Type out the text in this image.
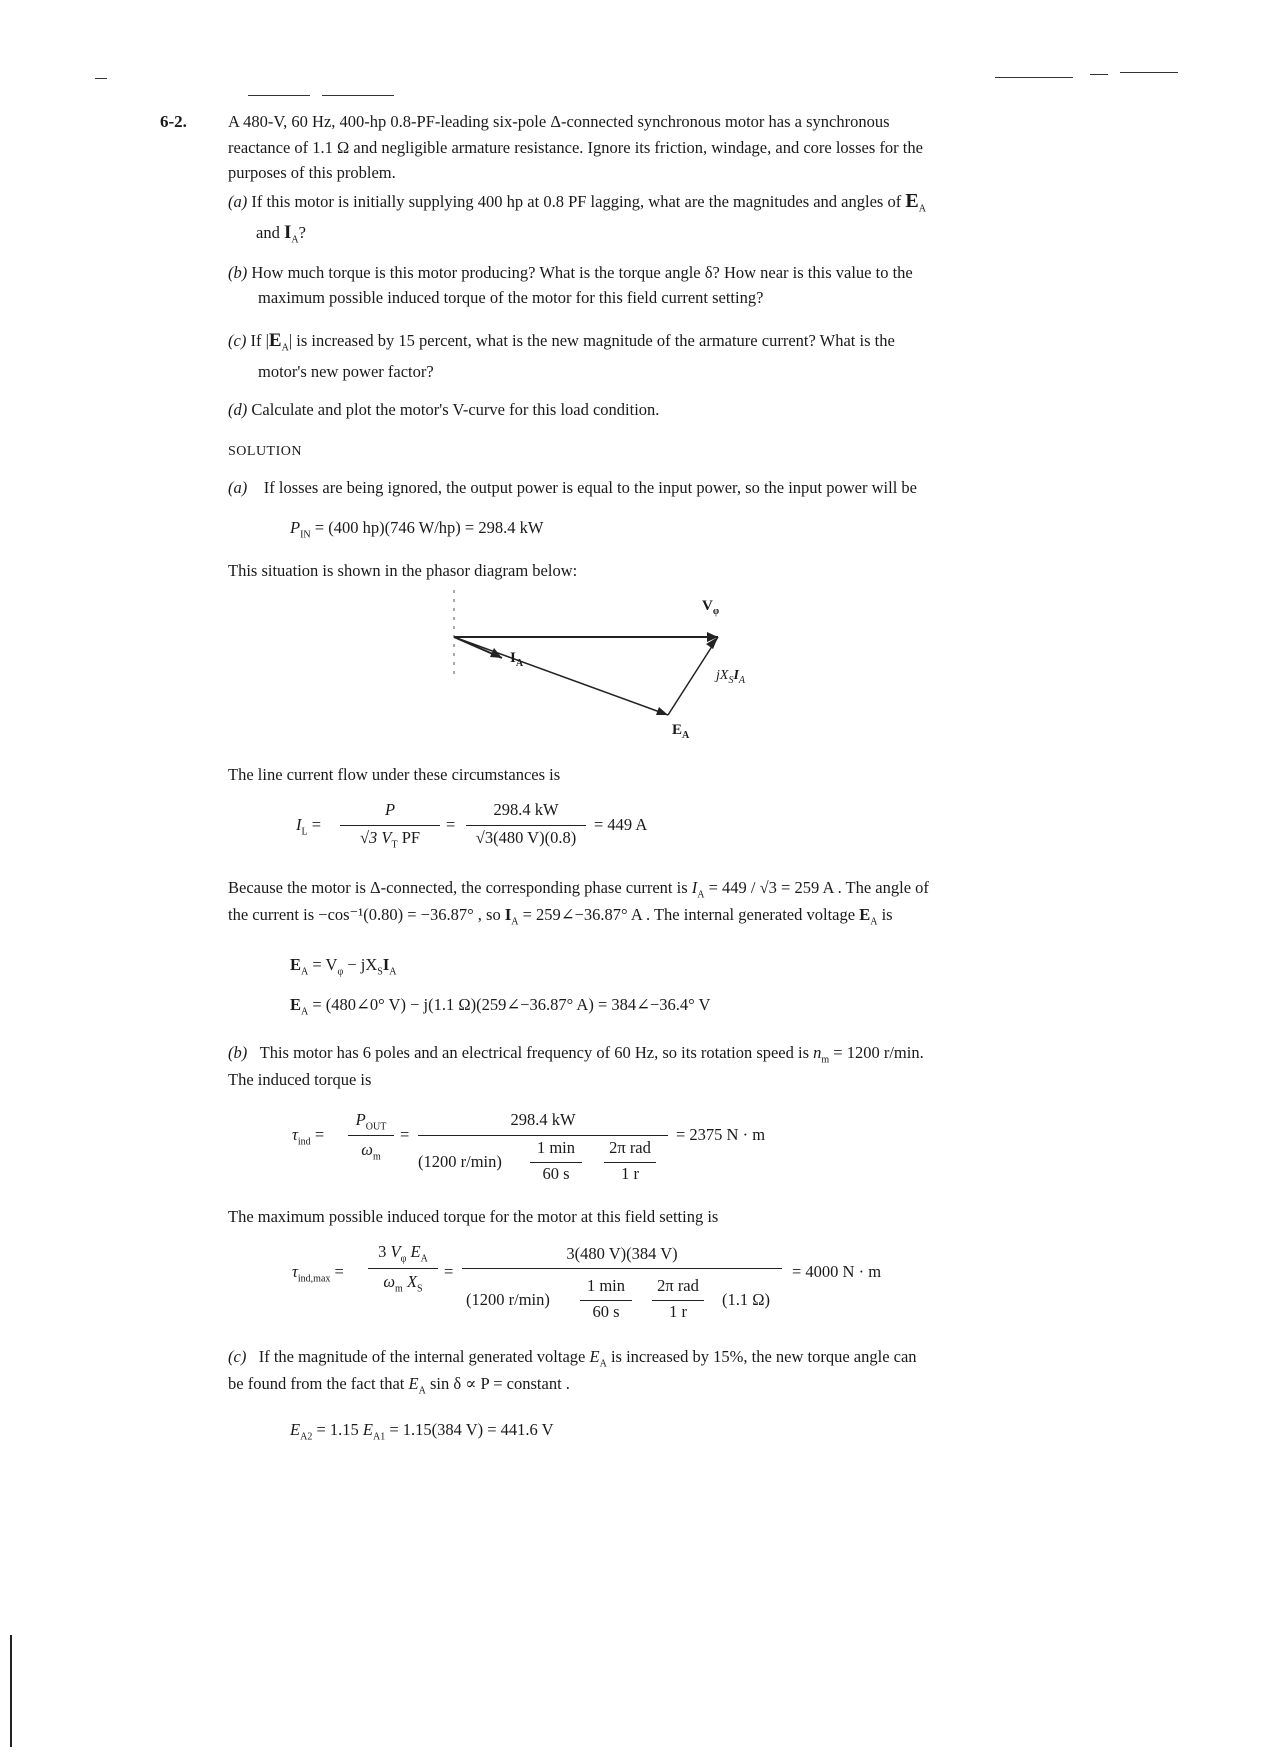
6-2. A 480-V, 60 Hz, 400-hp 0.8-PF-leading six-pole Δ-connected synchronous motor has a synchronous
reactance of 1.1 Ω and negligible armature resistance. Ignore its friction, windage, and core losses for the
purposes of this problem.
(a) If this motor is initially supplying 400 hp at 0.8 PF lagging, what are the magnitudes and angles of $E_A$
and $I_A$?
(b) How much torque is this motor producing? What is the torque angle δ? How near is this value to the
maximum possible induced torque of the motor for this field current setting?
(c) If $|E_A|$ is increased by 15 percent, what is the new magnitude of the armature current? What is the
motor's new power factor?
(d) Calculate and plot the motor's V-curve for this load condition.
SOLUTION
(a) If losses are being ignored, the output power is equal to the input power, so the input power will be
$P_{IN} = (400$ hp)(746 W/hp) = 298.4 kW
This situation is shown in the phasor diagram below:
$V_\varphi$
$I_A$
$jX_SI_A$
$E_A$
The line current flow under these circumstances is
$I_L$ =
P
√3 $V_T$ PF
=
298.4 kW
√3(480 V)(0.8)
= 449 A
Because the motor is Δ-connected, the corresponding phase current is $I_A = 449 / √3 = 259$ A . The angle of
the current is −cos⁻¹(0.80) = −36.87° , so $I_A$ = 259∠−36.87° A . The internal generated voltage $E_A$ is
$E_A = V_\varphi - jX_SI_A$
$E_A$ = (480∠0° V) − j(1.1 Ω)(259∠−36.87° A) = 384∠−36.4° V
(b) This motor has 6 poles and an electrical frequency of 60 Hz, so its rotation speed is $n_m = 1200$ r/min.
The induced torque is
$\tau_{ind}$ =
$P_{OUT}$
$\omega_m$
=
298.4 kW
(1200 r/min)
1 min
60 s
2π rad
1 r
= 2375 N · m
The maximum possible induced torque for the motor at this field setting is
$\tau_{ind,max}$ =
3 $V_\varphi$ $E_A$
$\omega_m$ $X_S$
=
3(480 V)(384 V)
(1200 r/min)
1 min
60 s
2π rad
1 r
(1.1 Ω)
= 4000 N · m
(c) If the magnitude of the internal generated voltage $E_A$ is increased by 15%, the new torque angle can
be found from the fact that $E_A$ sin δ ∝ P = constant .
$E_{A2} = 1.15$ $E_{A1} = 1.15(384$ V) = 441.6 V
